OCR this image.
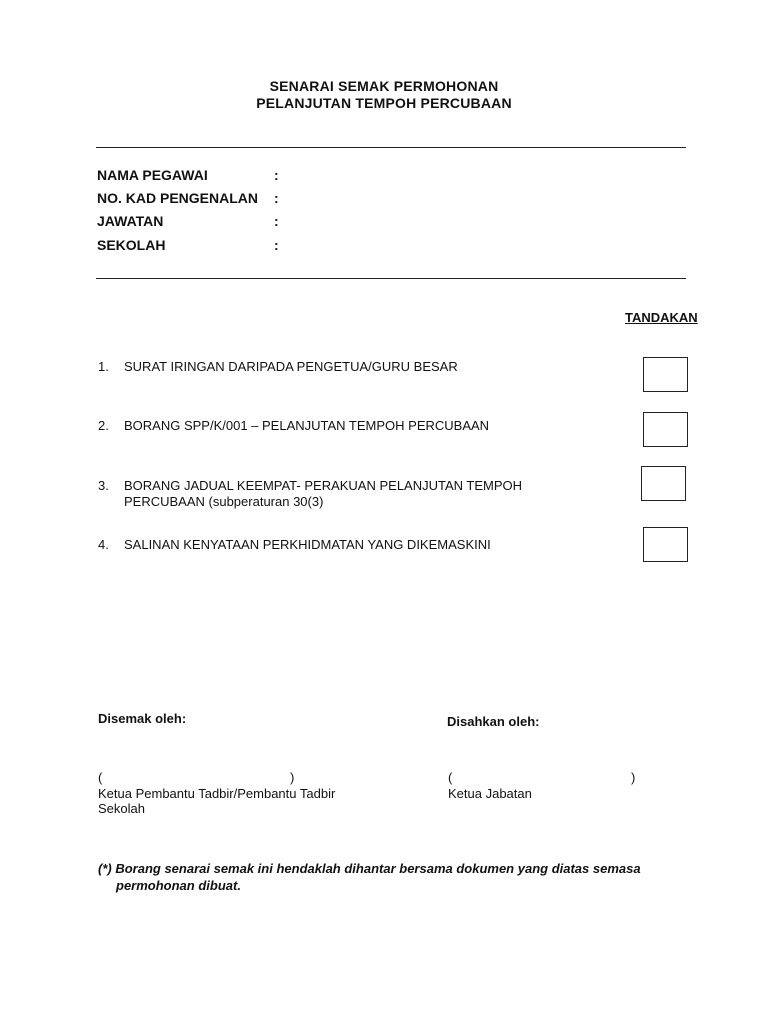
SENARAI SEMAK PERMOHONAN
PELANJUTAN TEMPOH PERCUBAAN
NAMA PEGAWAI	:
NO. KAD PENGENALAN :
JAWATAN	:
SEKOLAH	:
TANDAKAN
1. SURAT IRINGAN DARIPADA PENGETUA/GURU BESAR
2. BORANG SPP/K/001 – PELANJUTAN TEMPOH PERCUBAAN
3. BORANG JADUAL KEEMPAT- PERAKUAN PELANJUTAN TEMPOH
PERCUBAAN (subperaturan 30(3)
4. SALINAN KENYATAAN PERKHIDMATAN YANG DIKEMASKINI
Disemak oleh:	Disahkan oleh:
(	)
Ketua Pembantu Tadbir/Pembantu Tadbir
Sekolah
(	)
Ketua Jabatan
(*) Borang senarai semak ini hendaklah dihantar bersama dokumen yang diatas semasa
permohonan dibuat.
